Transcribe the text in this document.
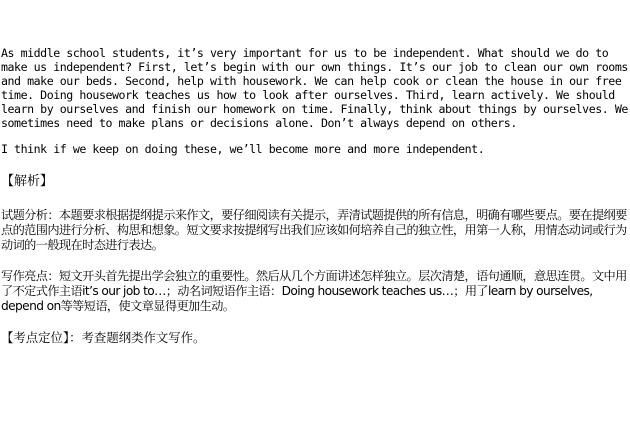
As middle school students, it’s very important for us to be independent. What should we do to make us independent? First, let’s begin with our own things. It’s our job to clean our own rooms and make our beds. Second, help with housework. We can help cook or clean the house in our free time. Doing housework teaches us how to look after ourselves. Third, learn actively. We should learn by ourselves and finish our homework on time. Finally, think about things by ourselves. We sometimes need to make plans or decisions alone. Don’t always depend on others.

I think if we keep on doing these, we’ll become more and more independent.

【解析】

试题分析：本题要求根据提纲提示来作文，要仔细阅读有关提示，弄清试题提供的所有信息，明确有哪些要点。要在提纲要点的范围内进行分析、构思和想象。短文要求按提纲写出我们应该如何培养自己的独立性，用第一人称，用情态动词或行为动词的一般现在时态进行表达。

写作亮点：短文开头首先提出学会独立的重要性。然后从几个方面讲述怎样独立。层次清楚，语句通顺，意思连贯。文中用了不定式作主语it’s our job to…；动名词短语作主语：Doing housework teaches us…；用了learn by ourselves, depend on等等短语，使文章显得更加生动。

【考点定位】：考查题纲类作文写作。
